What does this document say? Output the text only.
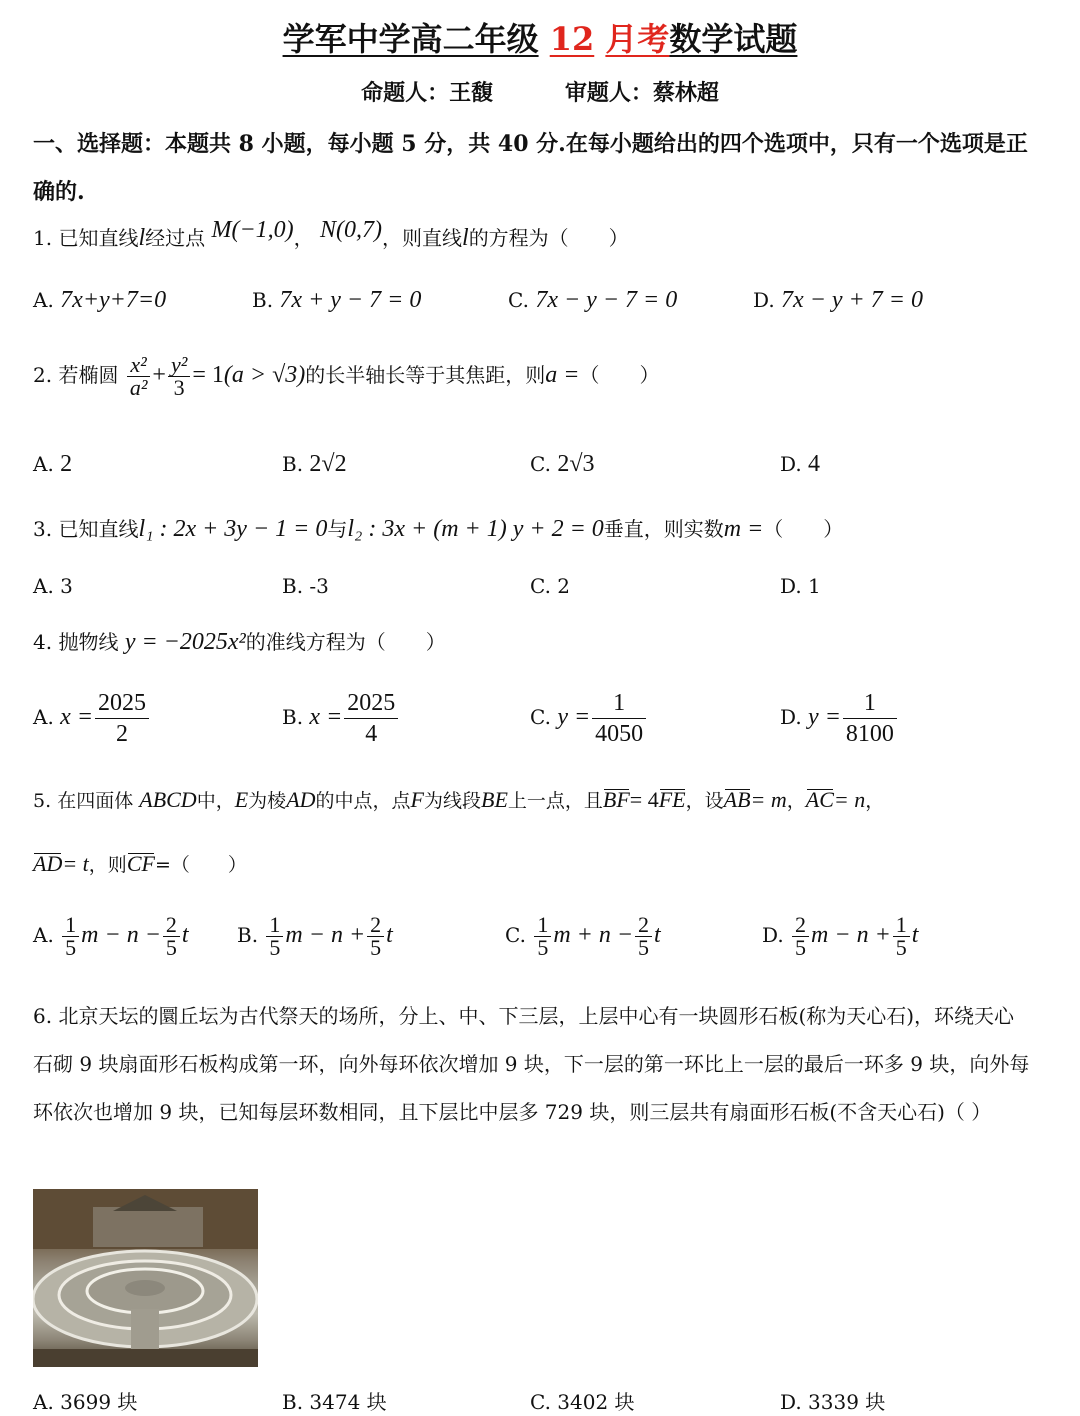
学军中学高二年级 12 月考数学试题
命题人：王馥	审题人：蔡林超
一、选择题：本题共 8 小题，每小题 5 分，共 40 分.在每小题给出的四个选项中，只有一个选项是正确的.
1. 已知直线l经过点 M(−1,0)， N(0,7)，则直线l的方程为（　　）
A. 7x+y+7=0	B. 7x + y − 7 = 0	C. 7x − y − 7 = 0	D. 7x − y + 7 = 0
2. 若椭圆 $\frac{\text{x²}}{\text{a²}} + \frac{\text{y²}}{3} = 1(a > √3)$的长半轴长等于其焦距，则a =（　　）
A. 2	B. 2√2	C. 2√3	D. 4
3. 已知直线l₁ : 2x + 3y − 1 = 0与l₂ : 3x + (m + 1) y + 2 = 0垂直，则实数m =（　　）
A. 3	B. -3	C. 2	D. 1
4. 抛物线 y = −2025x²的准线方程为（　　）
A. $x = \frac{2025}{2}$	B. $x = \frac{2025}{4}$	C. $y = \frac{1}{4050}$	D. $y = \frac{1}{8100}$
5. 在四面体 ABCD中，E为棱AD的中点，点F为线段BE上一点，且BF= 4FE，设AB= m，AC= n，
AD= t，则CF=（　　）
A. $\frac{1}{5}$ $m - n - \frac{2}{5}$ t B. $\frac{1}{5}$ $m - n + \frac{2}{5}$ t	C. $\frac{1}{5}$ $m + n - \frac{2}{5}$ t	D. $\frac{2}{5}$ $m - n + \frac{1}{5}$ t
6. 北京天坛的圜丘坛为古代祭天的场所，分上、中、下三层，上层中心有一块圆形石板(称为天心石)，环绕天心石砌 9 块扇面形石板构成第一环，向外每环依次增加 9 块，下一层的第一环比上一层的最后一环多 9 块，向外每环依次也增加 9 块，已知每层环数相同，且下层比中层多 729 块，则三层共有扇面形石板(不含天心石)（ ）
A. 3699 块	B. 3474 块	C. 3402 块	D. 3339 块
